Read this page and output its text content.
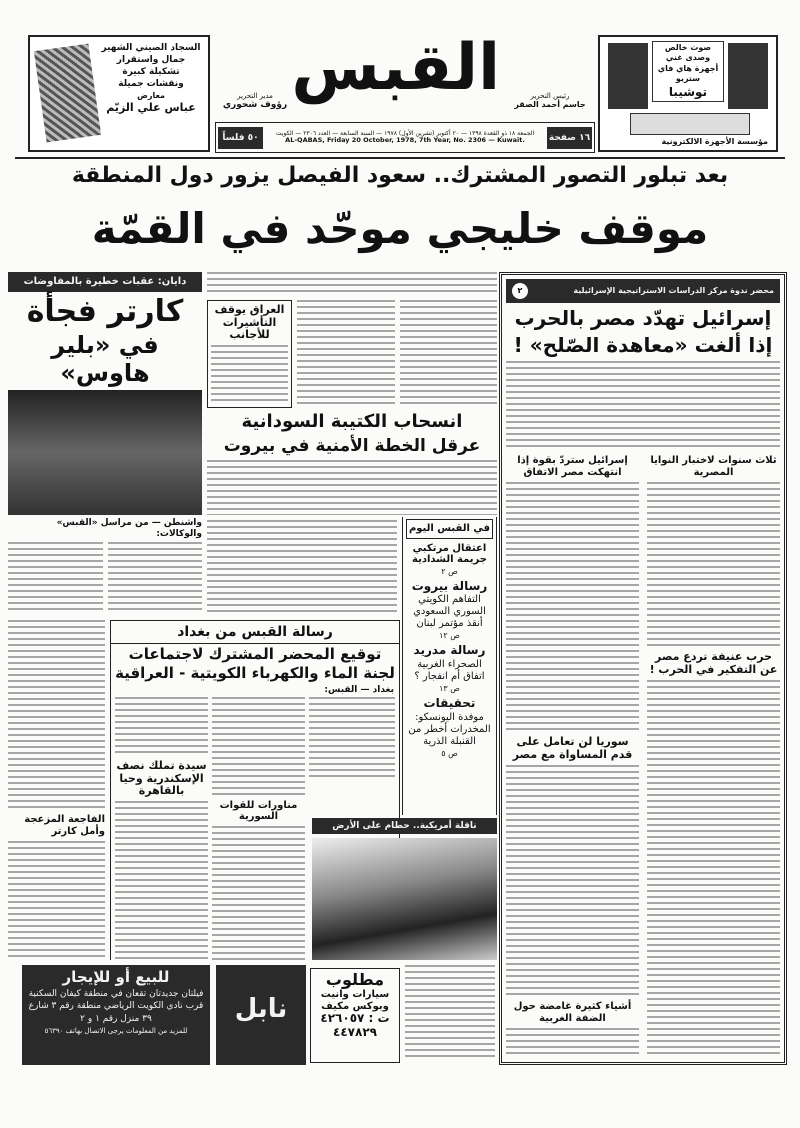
السجاد الصيني الشهير
جمال واستقرار
تشكيلة كبيرة
ونقشات جميلة
معارض
عباس علي الزيّم
صوت خالص وصدى غني
أجهزة هاي فاي ستريو
توشيبا
مؤسسة الأجهزة الالكترونية
القبس
مدير التحرير
رؤوف شحوري
رئيس التحرير
جاسم أحمد الصقر
١٦ صفحة
الجمعة ١٨ ذو القعدة ١٣٩٨ — ٢٠ أكتوبر (تشرين الأول) ١٩٧٨ — السنة السابعة — العدد ٢٣٠٦ — الكويت
AL-QABAS, Friday 20 October, 1978, 7th Year, No. 2306 — Kuwait.
٥٠ فلساً
بعد تبلور التصور المشترك.. سعود الفيصل يزور دول المنطقة
موقف خليجي موحّد في القمّة
دايان: عقبات خطيرة بالمفاوضات
كارتر فجأة
في «بلير هاوس»
واشنطن — من مراسل «القبس» والوكالات:
الفاجعة المزعجة وأمل كارتر
العراق يوقف التأشيرات للأجانب
انسحاب الكتيبة السودانية
عرقل الخطة الأمنية في بيروت
في القبس اليوم
اعتقال مرتكبي جريمة الشدادية
ص ٢
رسالة بيروت
التفاهم الكويتي السوري السعودي أنقذ مؤتمر لبنان
ص ١٢
رسالة مدريد
الصحراء الغربية اتفاق أم انفجار ؟
ص ١٣
تحقيقات
موفدة اليونسكو: المخدرات أخطر من القنبلة الذرية
ص ٥
رسالة القبس من بغداد
توقيع المحضر المشترك لاجتماعات
لجنة الماء والكهرباء الكويتية - العراقية
بغداد — القبس:
مناورات للقوات السورية
سيدة تملك نصف الإسكندرية وحيا بالقاهرة
ناقلة أمريكية.. حطام على الأرض
للبيع أو للإيجار
فيلتان جديدتان تقعان في منطقة كيفان السكنية قرب نادي الكويت الرياضي منطقة رقم ٣ شارع ٣٩ منزل رقم ١ و ٢
للمزيد من المعلومات يرجى الاتصال بهاتف ٥٦٣٩٠
نابل
مطلوب
سيارات وانيت وبوكس مكيف
ت : ٤٢٦٠٥٧
٤٤٧٨٢٩
محضر ندوة مركز الدراسات الاستراتيجية الإسرائيلية
٢
إسرائيل تهدّد مصر بالحرب
إذا ألغت «معاهدة الصّلح» !
ثلاث سنوات لاختبار النوايا المصرية
حرب عنيفة تردع مصر عن التفكير في الحرب !
إسرائيل ستردّ بقوة إذا انتهكت مصر الاتفاق
سوريا لن تعامل على قدم المساواة مع مصر
أشياء كثيرة غامضة حول الضفة الغربية
